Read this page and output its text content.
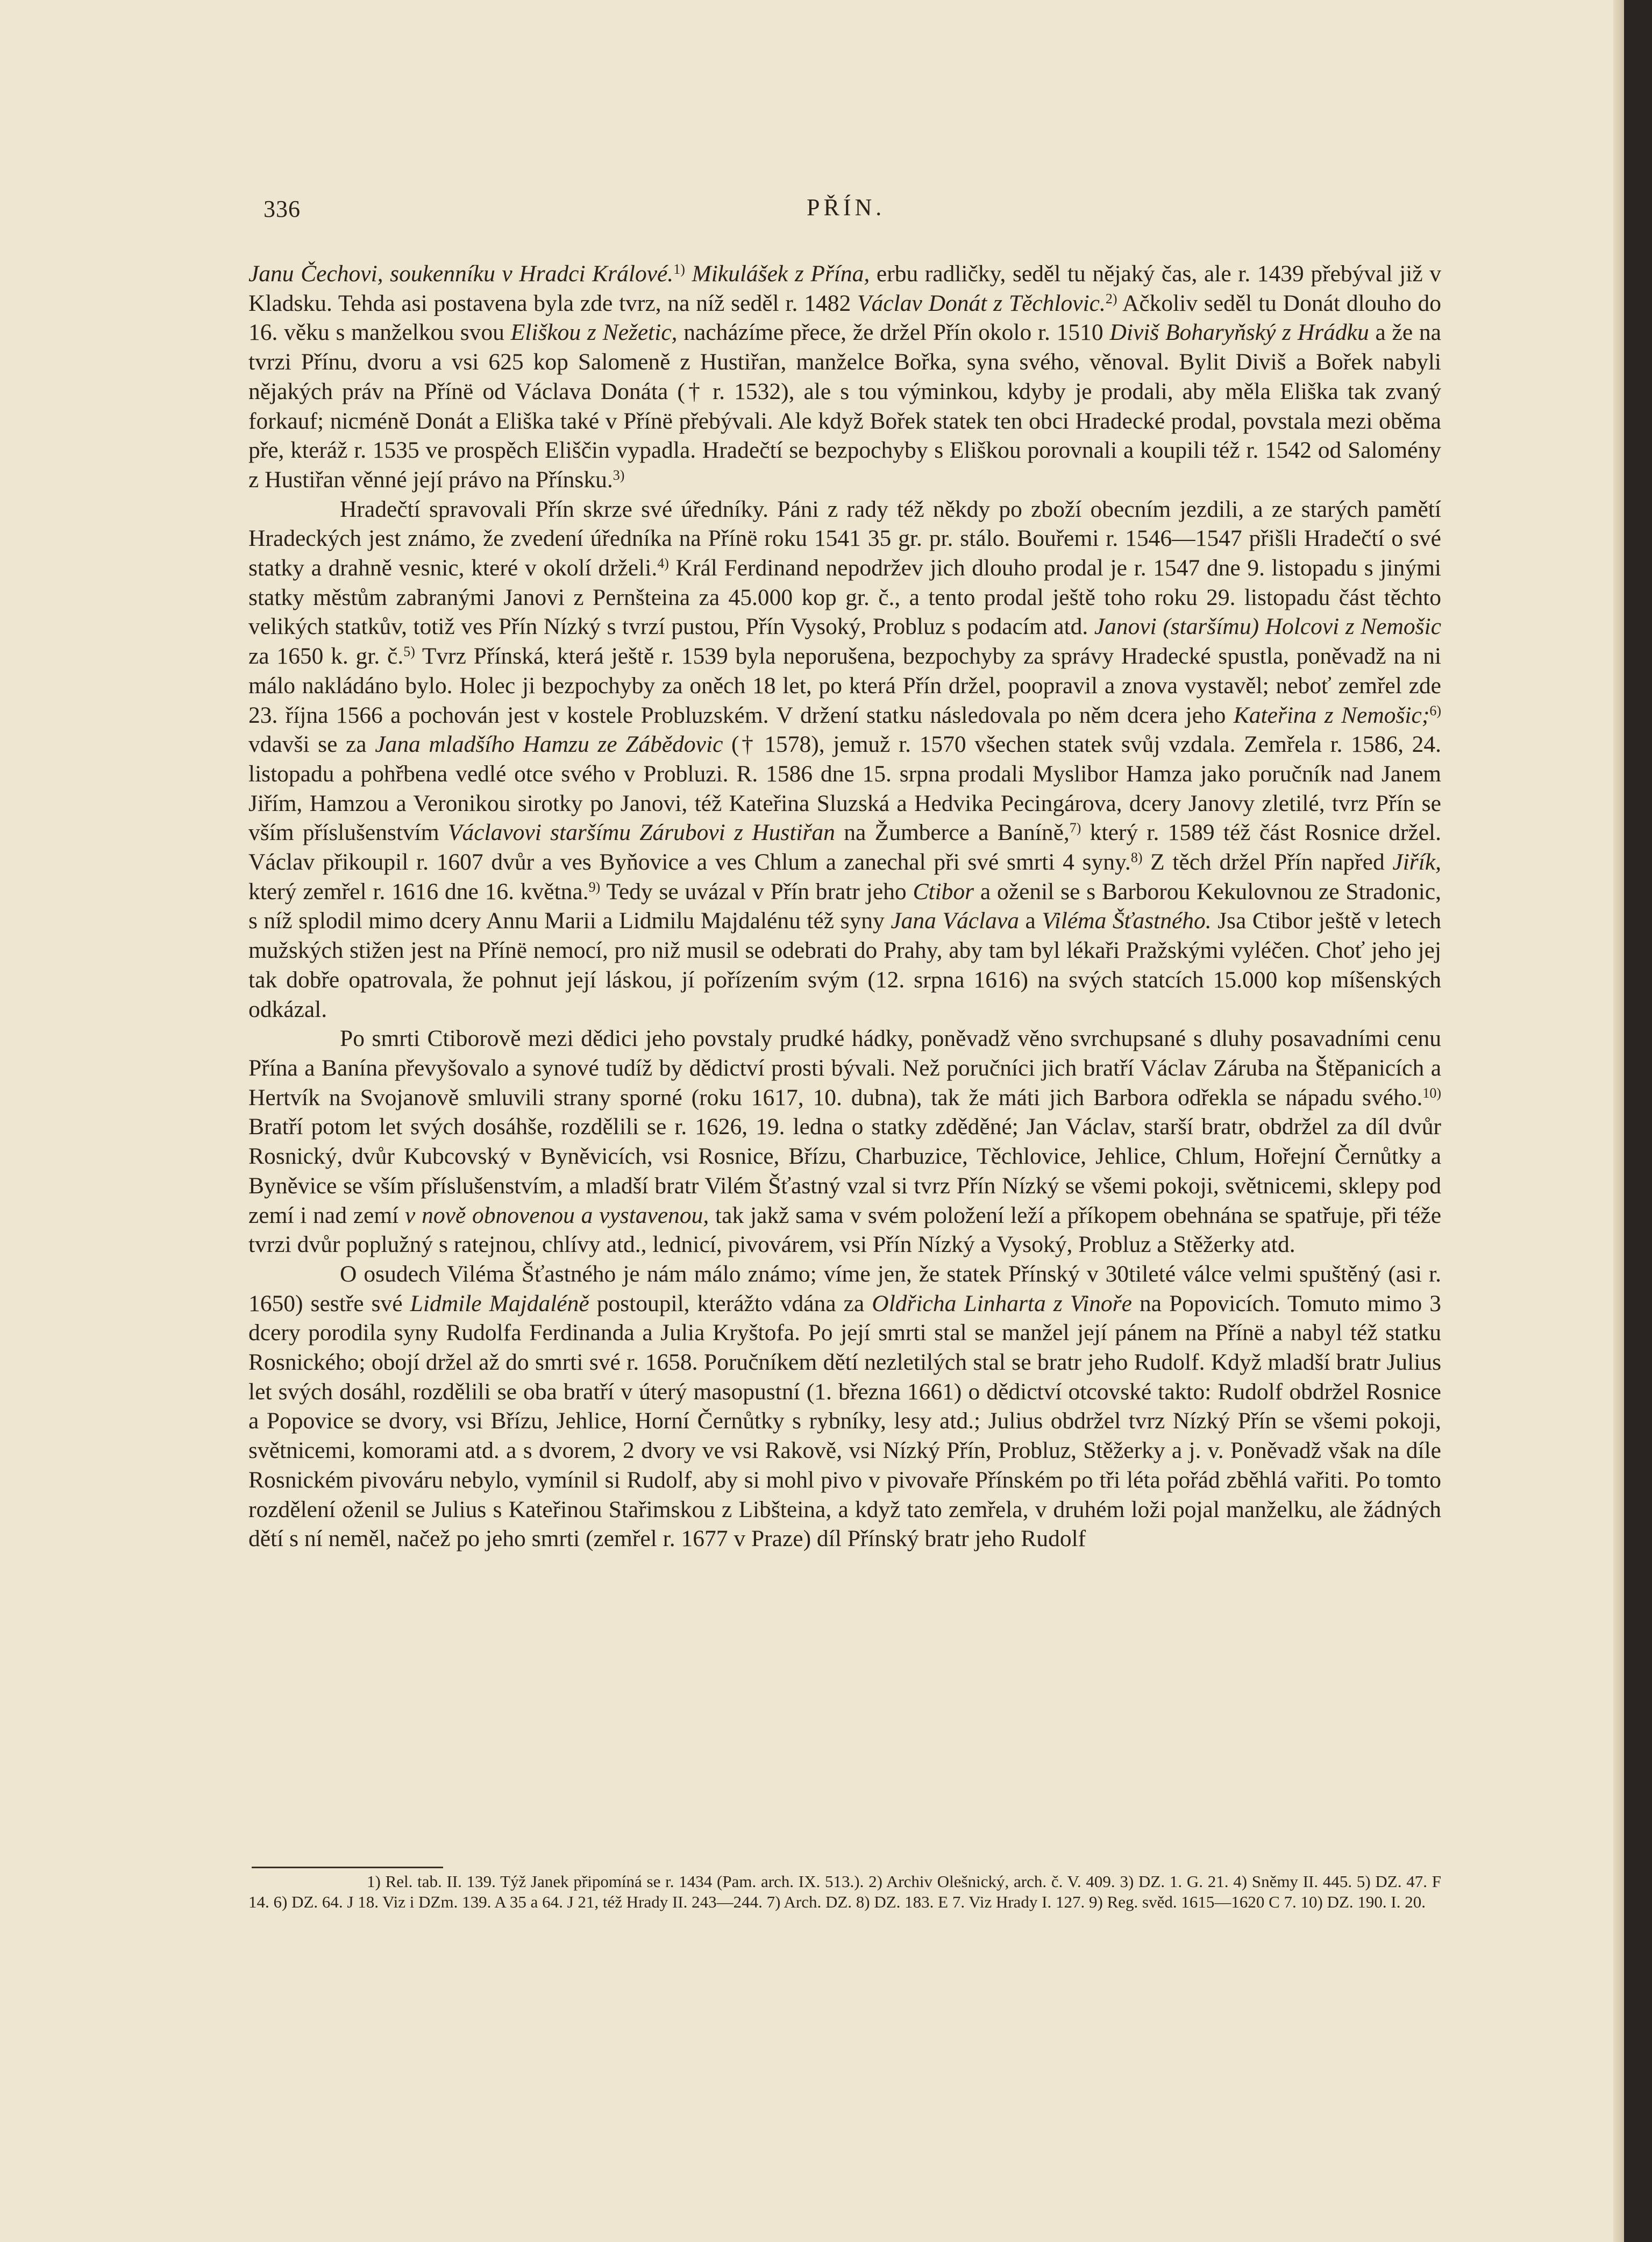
336	PŘÍN.

Janu Čechovi, soukenníku v Hradci Králové.$^{1)}$ Mikulášek z Přína, erbu radličky, seděl tu nějaký čas, ale r. 1439 přebýval již v Kladsku. Tehda asi postavena byla zde tvrz, na níž seděl r. 1482 Václav Donát z Těchlovic.$^{2)}$ Ačkoliv seděl tu Donát dlouho do 16. věku s manželkou svou Eliškou z Nežetic, nacházíme přece, že držel Přín okolo r. 1510 Diviš Boharyňský z Hrádku a že na tvrzi Přínu, dvoru a vsi 625 kop Salomeně z Hustiřan, manželce Bořka, syna svého, věnoval. Bylit Diviš a Bořek nabyli nějakých práv na Přínë od Václava Donáta († r. 1532), ale s tou výminkou, kdyby je prodali, aby měla Eliška tak zvaný forkauf; nicméně Donát a Eliška také v Přínë přebývali. Ale když Bořek statek ten obci Hradecké prodal, povstala mezi oběma pře, kteráž r. 1535 ve prospěch Eliščin vypadla. Hradečtí se bezpochyby s Eliškou porovnali a koupili též r. 1542 od Salomény z Hustiřan věnné její právo na Přínsku.$^{3)}$

Hradečtí spravovali Přín skrze své úředníky. Páni z rady též někdy po zboží obecním jezdili, a ze starých pamětí Hradeckých jest známo, že zvedení úředníka na Přínë roku 1541 35 gr. pr. stálo. Bouřemi r. 1546—1547 přišli Hradečtí o své statky a drahně vesnic, které v okolí drželi.$^{4)}$ Král Ferdinand nepodržev jich dlouho prodal je r. 1547 dne 9. listopadu s jinými statky městům zabranými Janovi z Pernšteina za 45.000 kop gr. č., a tento prodal ještě toho roku 29. listopadu část těchto velikých statkův, totiž ves Přín Nízký s tvrzí pustou, Přín Vysoký, Probluz s podacím atd. Janovi (staršímu) Holcovi z Nemošic za 1650 k. gr. č.$^{5)}$ Tvrz Přínská, která ještě r. 1539 byla neporušena, bezpochyby za správy Hradecké spustla, poněvadž na ni málo nakládáno bylo. Holec ji bezpochyby za oněch 18 let, po která Přín držel, poopravil a znova vystavěl; neboť zemřel zde 23. října 1566 a pochován jest v kostele Probluzském. V držení statku následovala po něm dcera jeho Kateřina z Nemošic;$^{6)}$ vdavši se za Jana mladšího Hamzu ze Zábědovic († 1578), jemuž r. 1570 všechen statek svůj vzdala. Zemřela r. 1586, 24. listopadu a pohřbena vedlé otce svého v Probluzi. R. 1586 dne 15. srpna prodali Myslibor Hamza jako poručník nad Janem Jiřím, Hamzou a Veronikou sirotky po Janovi, též Kateřina Sluzská a Hedvika Pecingárova, dcery Janovy zletilé, tvrz Přín se vším příslušenstvím Václavovi staršímu Zárubovi z Hustiřan na Žumberce a Baníně,$^{7)}$ který r. 1589 též část Rosnice držel. Václav přikoupil r. 1607 dvůr a ves Byňovice a ves Chlum a zanechal při své smrti 4 syny.$^{8)}$ Z těch držel Přín napřed Jiřík, který zemřel r. 1616 dne 16. května.$^{9)}$ Tedy se uvázal v Přín bratr jeho Ctibor a oženil se s Barborou Kekulovnou ze Stradonic, s níž splodil mimo dcery Annu Marii a Lidmilu Majdalénu též syny Jana Václava a Viléma Šťastného. Jsa Ctibor ještě v letech mužských stižen jest na Přínë nemocí, pro niž musil se odebrati do Prahy, aby tam byl lékaři Pražskými vyléčen. Choť jeho jej tak dobře opatrovala, že pohnut její láskou, jí pořízením svým (12. srpna 1616) na svých statcích 15.000 kop míšenských odkázal.

Po smrti Ctiborově mezi dědici jeho povstaly prudké hádky, poněvadž věno svrchupsané s dluhy posavadními cenu Přína a Banína převyšovalo a synové tudíž by dědictví prosti bývali. Než poručníci jich bratří Václav Záruba na Štěpanicích a Hertvík na Svojanově smluvili strany sporné (roku 1617, 10. dubna), tak že máti jich Barbora odřekla se nápadu svého.$^{10)}$ Bratří potom let svých dosáhše, rozdělili se r. 1626, 19. ledna o statky zděděné; Jan Václav, starší bratr, obdržel za díl dvůr Rosnický, dvůr Kubcovský v Byněvicích, vsi Rosnice, Břízu, Charbuzice, Těchlovice, Jehlice, Chlum, Hořejní Černůtky a Byněvice se vším příslušenstvím, a mladší bratr Vilém Šťastný vzal si tvrz Přín Nízký se všemi pokoji, světnicemi, sklepy pod zemí i nad zemí v nově obnovenou a vystavenou, tak jakž sama v svém položení leží a příkopem obehnána se spatřuje, při téže tvrzi dvůr poplužný s ratejnou, chlívy atd., lednicí, pivovárem, vsi Přín Nízký a Vysoký, Probluz a Stěžerky atd.

O osudech Viléma Šťastného je nám málo známo; víme jen, že statek Přínský v 30tileté válce velmi spuštěný (asi r. 1650) sestře své Lidmile Majdaléně postoupil, kterážto vdána za Oldřicha Linharta z Vinoře na Popovicích. Tomuto mimo 3 dcery porodila syny Rudolfa Ferdinanda a Julia Kryštofa. Po její smrti stal se manžel její pánem na Přínë a nabyl též statku Rosnického; obojí držel až do smrti své r. 1658. Poručníkem dětí nezletilých stal se bratr jeho Rudolf. Když mladší bratr Julius let svých dosáhl, rozdělili se oba bratří v úterý masopustní (1. března 1661) o dědictví otcovské takto: Rudolf obdržel Rosnice a Popovice se dvory, vsi Břízu, Jehlice, Horní Černůtky s rybníky, lesy atd.; Julius obdržel tvrz Nízký Přín se všemi pokoji, světnicemi, komorami atd. a s dvorem, 2 dvory ve vsi Rakově, vsi Nízký Přín, Probluz, Stěžerky a j. v. Poněvadž však na díle Rosnickém pivováru nebylo, vymínil si Rudolf, aby si mohl pivo v pivovaře Přínském po tři léta pořád zběhlá vařiti. Po tomto rozdělení oženil se Julius s Kateřinou Stařimskou z Libšteina, a když tato zemřela, v druhém loži pojal manželku, ale žádných dětí s ní neměl, načež po jeho smrti (zemřel r. 1677 v Praze) díl Přínský bratr jeho Rudolf

1) Rel. tab. II. 139. Týž Janek připomíná se r. 1434 (Pam. arch. IX. 513.). 2) Archiv Olešnický, arch. č. V. 409. 3) DZ. 1. G. 21. 4) Sněmy II. 445. 5) DZ. 47. F 14. 6) DZ. 64. J 18. Viz i DZm. 139. A 35 a 64. J 21, též Hrady II. 243—244. 7) Arch. DZ. 8) DZ. 183. E 7. Viz Hrady I. 127. 9) Reg. svěd. 1615—1620 C 7. 10) DZ. 190. I. 20.
